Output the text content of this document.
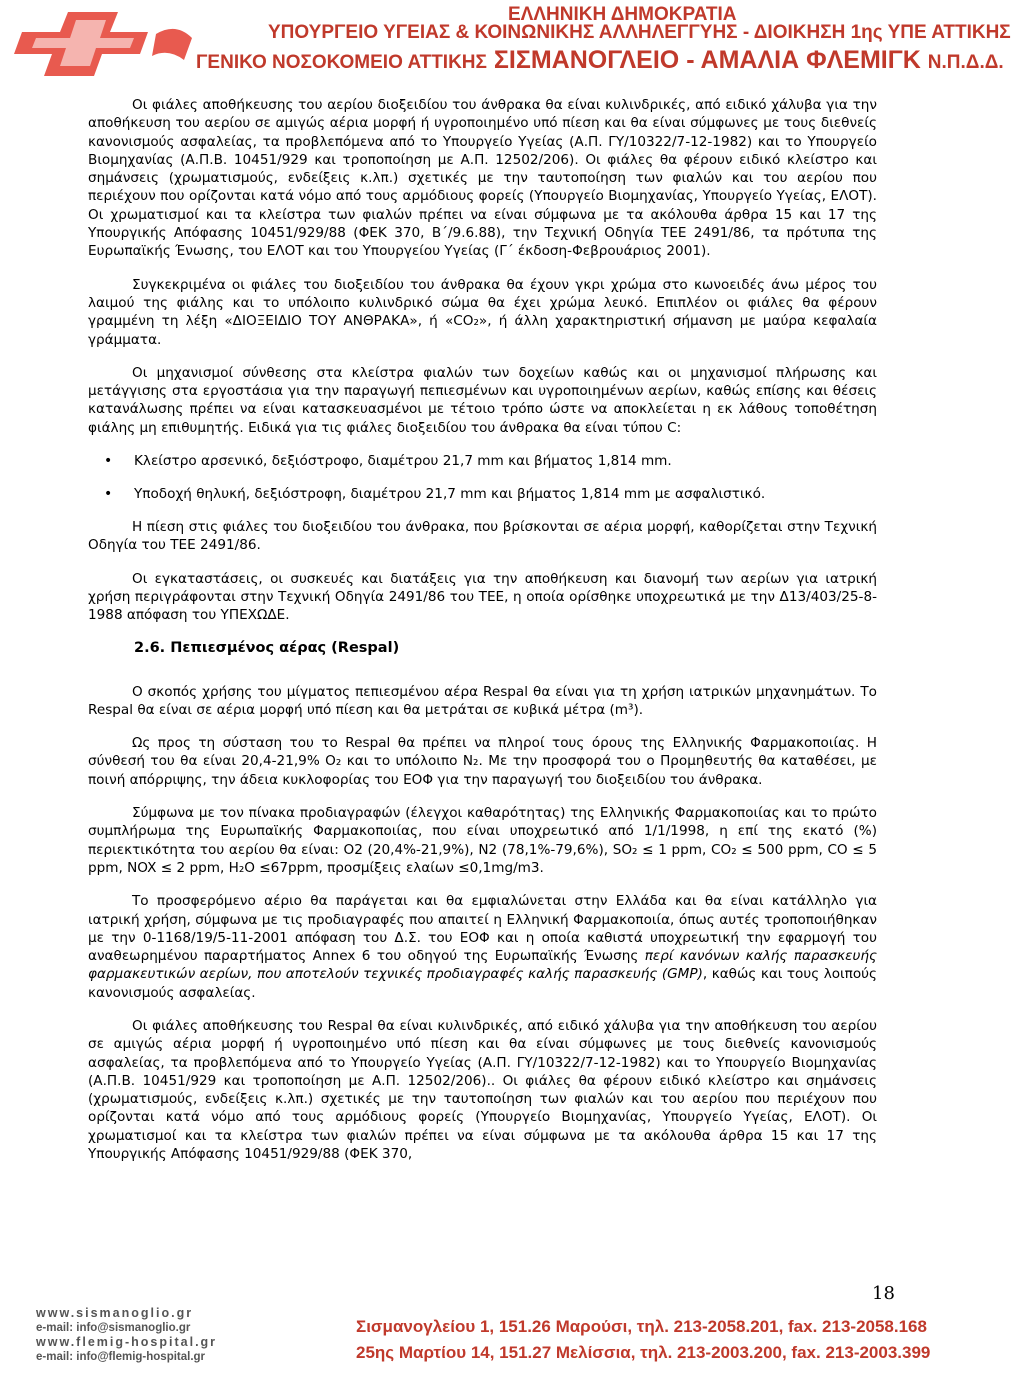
ΕΛΛΗΝΙΚΗ ΔΗΜΟΚΡΑΤΙΑ
ΥΠΟΥΡΓΕΙΟ ΥΓΕΙΑΣ & ΚΟΙΝΩΝΙΚΗΣ ΑΛΛΗΛΕΓΓΥΗΣ - ΔΙΟΙΚΗΣΗ 1ης ΥΠΕ ΑΤΤΙΚΗΣ
ΓΕΝΙΚΟ ΝΟΣΟΚΟΜΕΙΟ ΑΤΤΙΚΗΣ ΣΙΣΜΑΝΟΓΛΕΙΟ - ΑΜΑΛΙΑ ΦΛΕΜΙΓΚ Ν.Π.Δ.Δ.

Οι φιάλες αποθήκευσης του αερίου διοξειδίου του άνθρακα θα είναι κυλινδρικές, από ειδικό χάλυβα για την αποθήκευση του αερίου σε αμιγώς αέρια μορφή ή υγροποιημένο υπό πίεση και θα είναι σύμφωνες με τους διεθνείς κανονισμούς ασφαλείας, τα προβλεπόμενα από το Υπουργείο Υγείας (Α.Π. ΓΥ/10322/7-12-1982) και το Υπουργείο Βιομηχανίας (Α.Π.Β. 10451/929 και τροποποίηση με Α.Π. 12502/206). Οι φιάλες θα φέρουν ειδικό κλείστρο και σημάνσεις (χρωματισμούς, ενδείξεις κ.λπ.) σχετικές με την ταυτοποίηση των φιαλών και του αερίου που περιέχουν που ορίζονται κατά νόμο από τους αρμόδιους φορείς (Υπουργείο Βιομηχανίας, Υπουργείο Υγείας, ΕΛΟΤ). Οι χρωματισμοί και τα κλείστρα των φιαλών πρέπει να είναι σύμφωνα με τα ακόλουθα άρθρα 15 και 17 της Υπουργικής Απόφασης 10451/929/88 (ΦΕΚ 370, Β΄/9.6.88), την Τεχνική Οδηγία ΤΕΕ 2491/86, τα πρότυπα της Ευρωπαϊκής Ένωσης, του ΕΛΟΤ και του Υπουργείου Υγείας (Γ΄ έκδοση-Φεβρουάριος 2001).

Συγκεκριμένα οι φιάλες του διοξειδίου του άνθρακα θα έχουν γκρι χρώμα στο κωνοειδές άνω μέρος του λαιμού της φιάλης και το υπόλοιπο κυλινδρικό σώμα θα έχει χρώμα λευκό. Επιπλέον οι φιάλες θα φέρουν γραμμένη τη λέξη «ΔΙΟΞΕΙΔΙΟ ΤΟΥ ΑΝΘΡΑΚΑ», ή «CO₂», ή άλλη χαρακτηριστική σήμανση με μαύρα κεφαλαία γράμματα.

Οι μηχανισμοί σύνθεσης στα κλείστρα φιαλών των δοχείων καθώς και οι μηχανισμοί πλήρωσης και μετάγγισης στα εργοστάσια για την παραγωγή πεπιεσμένων και υγροποιημένων αερίων, καθώς επίσης και θέσεις κατανάλωσης πρέπει να είναι κατασκευασμένοι με τέτοιο τρόπο ώστε να αποκλείεται η εκ λάθους τοποθέτηση φιάλης μη επιθυμητής. Ειδικά για τις φιάλες διοξειδίου του άνθρακα θα είναι τύπου C:

• Κλείστρο αρσενικό, δεξιόστροφο, διαμέτρου 21,7 mm και βήματος 1,814 mm.
• Υποδοχή θηλυκή, δεξιόστροφη, διαμέτρου 21,7 mm και βήματος 1,814 mm με ασφαλιστικό.

Η πίεση στις φιάλες του διοξειδίου του άνθρακα, που βρίσκονται σε αέρια μορφή, καθορίζεται στην Τεχνική Οδηγία του ΤΕΕ 2491/86.

Οι εγκαταστάσεις, οι συσκευές και διατάξεις για την αποθήκευση και διανομή των αερίων για ιατρική χρήση περιγράφονται στην Τεχνική Οδηγία 2491/86 του ΤΕΕ, η οποία ορίσθηκε υποχρεωτικά με την Δ13/403/25-8-1988 απόφαση του ΥΠΕΧΩΔΕ.

2.6. Πεπιεσμένος αέρας (Respal)

Ο σκοπός χρήσης του μίγματος πεπιεσμένου αέρα Respal θα είναι για τη χρήση ιατρικών μηχανημάτων. Το Respal θα είναι σε αέρια μορφή υπό πίεση και θα μετράται σε κυβικά μέτρα (m³).

Ως προς τη σύσταση του το Respal θα πρέπει να πληροί τους όρους της Ελληνικής Φαρμακοποιίας. Η σύνθεσή του θα είναι 20,4-21,9% O₂ και το υπόλοιπο N₂. Με την προσφορά του ο Προμηθευτής θα καταθέσει, με ποινή απόρριψης, την άδεια κυκλοφορίας του ΕΟΦ για την παραγωγή του διοξειδίου του άνθρακα.

Σύμφωνα με τον πίνακα προδιαγραφών (έλεγχοι καθαρότητας) της Ελληνικής Φαρμακοποιίας και το πρώτο συμπλήρωμα της Ευρωπαϊκής Φαρμακοποιίας, που είναι υποχρεωτικό από 1/1/1998, η επί της εκατό (%) περιεκτικότητα του αερίου θα είναι: O2 (20,4%-21,9%), N2 (78,1%-79,6%), SO₂ ≤ 1 ppm, CO₂ ≤ 500 ppm, CO ≤ 5 ppm, NOX ≤ 2 ppm, H₂O ≤67ppm, προσμίξεις ελαίων ≤0,1mg/m3.

Το προσφερόμενο αέριο θα παράγεται και θα εμφιαλώνεται στην Ελλάδα και θα είναι κατάλληλο για ιατρική χρήση, σύμφωνα με τις προδιαγραφές που απαιτεί η Ελληνική Φαρμακοποιία, όπως αυτές τροποποιήθηκαν με την 0-1168/19/5-11-2001 απόφαση του Δ.Σ. του ΕΟΦ και η οποία καθιστά υποχρεωτική την εφαρμογή του αναθεωρημένου παραρτήματος Annex 6 του οδηγού της Ευρωπαϊκής Ένωσης περί κανόνων καλής παρασκευής φαρμακευτικών αερίων, που αποτελούν τεχνικές προδιαγραφές καλής παρασκευής (GMP), καθώς και τους λοιπούς κανονισμούς ασφαλείας.

Οι φιάλες αποθήκευσης του Respal θα είναι κυλινδρικές, από ειδικό χάλυβα για την αποθήκευση του αερίου σε αμιγώς αέρια μορφή ή υγροποιημένο υπό πίεση και θα είναι σύμφωνες με τους διεθνείς κανονισμούς ασφαλείας, τα προβλεπόμενα από το Υπουργείο Υγείας (Α.Π. ΓΥ/10322/7-12-1982) και το Υπουργείο Βιομηχανίας (Α.Π.Β. 10451/929 και τροποποίηση με Α.Π. 12502/206).. Οι φιάλες θα φέρουν ειδικό κλείστρο και σημάνσεις (χρωματισμούς, ενδείξεις κ.λπ.) σχετικές με την ταυτοποίηση των φιαλών και του αερίου που περιέχουν που ορίζονται κατά νόμο από τους αρμόδιους φορείς (Υπουργείο Βιομηχανίας, Υπουργείο Υγείας, ΕΛΟΤ). Οι χρωματισμοί και τα κλείστρα των φιαλών πρέπει να είναι σύμφωνα με τα ακόλουθα άρθρα 15 και 17 της Υπουργικής Απόφασης 10451/929/88 (ΦΕΚ 370,

18
www.sismanoglio.gr
e-mail: info@sismanoglio.gr
www.flemig-hospital.gr
e-mail: info@flemig-hospital.gr
Σισμανογλείου 1, 151.26 Μαρούσι, τηλ. 213-2058.201, fax. 213-2058.168
25ης Μαρτίου 14, 151.27 Μελίσσια, τηλ. 213-2003.200, fax. 213-2003.399
